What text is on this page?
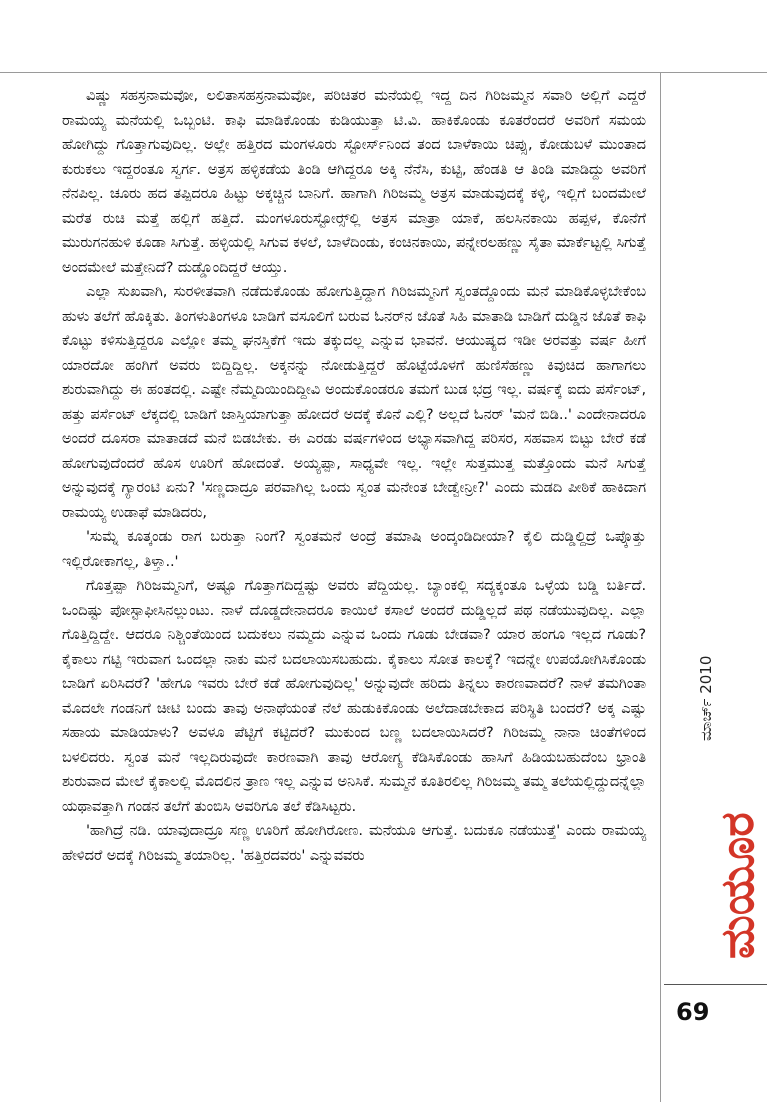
ವಿಷ್ಣು ಸಹಸ್ರನಾಮವೋ, ಲಲಿತಾಸಹಸ್ರನಾಮವೋ, ಪರಿಚಿತರ ಮನೆಯಲ್ಲಿ ಇದ್ದ ದಿನ ಗಿರಿಜಮ್ಮನ ಸವಾರಿ ಅಲ್ಲಿಗೆ ಎದ್ದರೆ ರಾಮಯ್ಯ ಮನೆಯಲ್ಲಿ ಒಬ್ಬಂಟಿ. ಕಾಫಿ ಮಾಡಿಕೊಂಡು ಕುಡಿಯುತ್ತಾ ಟಿ.ವಿ. ಹಾಕಿಕೊಂಡು ಕೂತರೆಂದರೆ ಅವರಿಗೆ ಸಮಯ ಹೋಗಿದ್ದು ಗೊತ್ತಾಗುವುದಿಲ್ಲ. ಅಲ್ಲೇ ಹತ್ತಿರದ ಮಂಗಳೂರು ಸ್ಟೋರ್ಸ್‌ನಿಂದ ತಂದ ಬಾಳೆಕಾಯಿ ಚಿಪ್ಸು, ಕೋಡುಬಳೆ ಮುಂತಾದ ಕುರುಕಲು ಇದ್ದರಂತೂ ಸ್ವರ್ಗ. ಅತ್ರಸ ಹಳ್ಳಿಕಡೆಯ ತಿಂಡಿ ಆಗಿದ್ದರೂ ಅಕ್ಕಿ ನೆನೆಸಿ, ಕುಟ್ಟಿ, ಹೆಂಡತಿ ಆ ತಿಂಡಿ ಮಾಡಿದ್ದು ಅವರಿಗೆ ನೆನಪಿಲ್ಲ. ಚೂರು ಹದ ತಪ್ಪಿದರೂ ಹಿಟ್ಟು ಅಕ್ಕಚ್ಚಿನ ಬಾನಿಗೆ. ಹಾಗಾಗಿ ಗಿರಿಜಮ್ಮ ಅತ್ರಸ ಮಾಡುವುದಕ್ಕೆ ಕಳ್ಳಿ, ಇಲ್ಲಿಗೆ ಬಂದಮೇಲೆ ಮರೆತ ರುಚಿ ಮತ್ತೆ ಹಲ್ಲಿಗೆ ಹತ್ತಿದೆ. ಮಂಗಳೂರುಸ್ಟೋರ್‍ಸ್‌ಲ್ಲಿ ಅತ್ರಸ ಮಾತ್ರಾ ಯಾಕೆ, ಹಲಸಿನಕಾಯಿ ಹಪ್ಪಳ, ಕೊನೆಗೆ ಮುರುಗನಹುಳಿ ಕೂಡಾ ಸಿಗುತ್ತೆ. ಹಳ್ಳಿಯಲ್ಲಿ ಸಿಗುವ ಕಳಲೆ, ಬಾಳೆದಿಂಡು, ಕಂಚಿನಕಾಯಿ, ಪನ್ನೇರಲಹಣ್ಣು ಸೈತಾ ಮಾರ್ಕೆಟ್ಟಲ್ಲಿ ಸಿಗುತ್ತೆ ಅಂದಮೇಲೆ ಮತ್ತೇನಿದೆ? ದುಡ್ಡೊಂದಿದ್ದರೆ ಆಯ್ತು.

ಎಲ್ಲಾ ಸುಖವಾಗಿ, ಸುರಳೀತವಾಗಿ ನಡೆದುಕೊಂಡು ಹೋಗುತ್ತಿದ್ದಾಗ ಗಿರಿಜಮ್ಮನಿಗೆ ಸ್ವಂತದ್ದೊಂದು ಮನೆ ಮಾಡಿಕೊಳ್ಳಬೇಕೆಂಬ ಹುಳು ತಲೆಗೆ ಹೊಕ್ಕಿತು. ತಿಂಗಳುತಿಂಗಳೂ ಬಾಡಿಗೆ ವಸೂಲಿಗೆ ಬರುವ ಓನರ್‌ನ ಜೊತೆ ಸಿಹಿ ಮಾತಾಡಿ ಬಾಡಿಗೆ ದುಡ್ಡಿನ ಜೊತೆ ಕಾಫಿ ಕೊಟ್ಟು ಕಳಿಸುತ್ತಿದ್ದರೂ ಎಲ್ಲೋ ತಮ್ಮ ಘನಸ್ತಿಕೆಗೆ ಇದು ತಕ್ಕುದಲ್ಲ ಎನ್ನುವ ಭಾವನೆ. ಆಯುಷ್ಯದ ಇಡೀ ಅರವತ್ತು ವರ್ಷ ಹೀಗೆ ಯಾರದೋ ಹಂಗಿಗೆ ಅವರು ಬಿದ್ದಿದ್ದಿಲ್ಲ. ಅಕ್ಕನನ್ನು ನೋಡುತ್ತಿದ್ದರೆ ಹೊಟ್ಟೆಯೊಳಗೆ ಹುಣಿಸೆಹಣ್ಣು ಕಿವುಚಿದ ಹಾಗಾಗಲು ಶುರುವಾಗಿದ್ದು ಈ ಹಂತದಲ್ಲಿ. ಎಷ್ಟೇ ನೆಮ್ಮದಿಯಿಂದಿದ್ದೀವಿ ಅಂದುಕೊಂಡರೂ ತಮಗೆ ಬುಡ ಭದ್ರ ಇಲ್ಲ. ವರ್ಷಕ್ಕೆ ಐದು ಪರ್ಸೆಂಟ್, ಹತ್ತು ಪರ್ಸೆಂಟ್ ಲೆಕ್ಕದಲ್ಲಿ ಬಾಡಿಗೆ ಜಾಸ್ತಿಯಾಗುತ್ತಾ ಹೋದರೆ ಅದಕ್ಕೆ ಕೊನೆ ಎಲ್ಲಿ? ಅಲ್ಲದೆ ಓನರ್ 'ಮನೆ ಬಿಡಿ..' ಎಂದೇನಾದರೂ ಅಂದರೆ ದೂಸರಾ ಮಾತಾಡದೆ ಮನೆ ಬಿಡಬೇಕು. ಈ ಎರಡು ವರ್ಷಗಳಿಂದ ಅಭ್ಯಾಸವಾಗಿದ್ದ ಪರಿಸರ, ಸಹವಾಸ ಬಿಟ್ಟು ಬೇರೆ ಕಡೆ ಹೋಗುವುದೆಂದರೆ ಹೊಸ ಊರಿಗೆ ಹೋದಂತೆ. ಅಯ್ಯಪ್ಪಾ, ಸಾಧ್ಯವೇ ಇಲ್ಲ. ಇಲ್ಲೇ ಸುತ್ತಮುತ್ತ ಮತ್ತೊಂದು ಮನೆ ಸಿಗುತ್ತೆ ಅನ್ನುವುದಕ್ಕೆ ಗ್ಯಾರಂಟಿ ಏನು? 'ಸಣ್ಣದಾದ್ರೂ ಪರವಾಗಿಲ್ಲ ಒಂದು ಸ್ವಂತ ಮನೇಂತ ಬೇಡ್ವೇನ್ರೀ?' ಎಂದು ಮಡದಿ ಪೀಠಿಕೆ ಹಾಕಿದಾಗ ರಾಮಯ್ಯ ಉಡಾಫೆ ಮಾಡಿದರು,

'ಸುಮ್ನೆ ಕೂತ್ಕಂಡು ರಾಗ ಬರುತ್ತಾ ನಿಂಗೆ? ಸ್ವಂತಮನೆ ಅಂದ್ರೆ ತಮಾಷಿ ಅಂದ್ಕಂಡಿದೀಯಾ? ಕೈಲಿ ದುಡ್ಡಿಲ್ದಿದ್ರೆ ಒಪ್ಕೊತ್ತು ಇಲ್ಲಿರೋಕಾಗಲ್ಲ, ತಿಳ್ತಾ..'

ಗೊತ್ತಪ್ಪಾ ಗಿರಿಜಮ್ಮನಿಗೆ, ಅಷ್ಟೂ ಗೊತ್ತಾಗದಿದ್ದಷ್ಟು ಅವರು ಪೆದ್ದಿಯಲ್ಲ. ಬ್ಯಾಂಕಲ್ಲಿ ಸದ್ಯಕ್ಕಂತೂ ಒಳ್ಳೆಯ ಬಡ್ಡಿ ಬರ್ತಿದೆ. ಒಂದಿಷ್ಟು ಪೋಸ್ಟಾಫೀಸಿನಲ್ಲುಂಟು. ನಾಳೆ ದೊಡ್ಡದೇನಾದರೂ ಕಾಯಿಲೆ ಕಸಾಲೆ ಅಂದರೆ ದುಡ್ಡಿಲ್ಲದೆ ಪಥ ನಡೆಯುವುದಿಲ್ಲ. ಎಲ್ಲಾ ಗೊತ್ತಿದ್ದಿದ್ದೇ. ಆದರೂ ನಿಶ್ಚಿಂತೆಯಿಂದ ಬದುಕಲು ನಮ್ಮದು ಎನ್ನುವ ಒಂದು ಗೂಡು ಬೇಡವಾ? ಯಾರ ಹಂಗೂ ಇಲ್ಲದ ಗೂಡು? ಕೈಕಾಲು ಗಟ್ಟಿ ಇರುವಾಗ ಒಂದಲ್ಲಾ ನಾಕು ಮನೆ ಬದಲಾಯಿಸಬಹುದು. ಕೈಕಾಲು ಸೋತ ಕಾಲಕ್ಕೆ? ಇದನ್ನೇ ಉಪಯೋಗಿಸಿಕೊಂಡು ಬಾಡಿಗೆ ಏರಿಸಿದರೆ? 'ಹೇಗೂ ಇವರು ಬೇರೆ ಕಡೆ ಹೋಗುವುದಿಲ್ಲ' ಅನ್ನುವುದೇ ಹರಿದು ತಿನ್ನಲು ಕಾರಣವಾದರೆ? ನಾಳೆ ತಮಗಿಂತಾ ಮೊದಲೇ ಗಂಡನಿಗೆ ಚೀಟಿ ಬಂದು ತಾವು ಅನಾಥೆಯಂತೆ ನೆಲೆ ಹುಡುಕಿಕೊಂಡು ಅಲೆದಾಡಬೇಕಾದ ಪರಿಸ್ಥಿತಿ ಬಂದರೆ? ಅಕ್ಕ ಎಷ್ಟು ಸಹಾಯ ಮಾಡಿಯಾಳು? ಅವಳೂ ಪೆಟ್ಟಿಗೆ ಕಟ್ಟಿದರೆ? ಮುಕುಂದ ಬಣ್ಣ ಬದಲಾಯಿಸಿದರೆ? ಗಿರಿಜಮ್ಮ ನಾನಾ ಚಿಂತೆಗಳಿಂದ ಬಳಲಿದರು. ಸ್ವಂತ ಮನೆ ಇಲ್ಲದಿರುವುದೇ ಕಾರಣವಾಗಿ ತಾವು ಆರೋಗ್ಯ ಕೆಡಿಸಿಕೊಂಡು ಹಾಸಿಗೆ ಹಿಡಿಯಬಹುದೆಂಬ ಭ್ರಾಂತಿ ಶುರುವಾದ ಮೇಲೆ ಕೈಕಾಲಲ್ಲಿ ಮೊದಲಿನ ತ್ರಾಣ ಇಲ್ಲ ಎನ್ನುವ ಅನಿಸಿಕೆ. ಸುಮ್ಮನೆ ಕೂತಿರಲಿಲ್ಲ ಗಿರಿಜಮ್ಮ ತಮ್ಮ ತಲೆಯಲ್ಲಿದ್ದುದನ್ನೆಲ್ಲಾ ಯಥಾವತ್ತಾಗಿ ಗಂಡನ ತಲೆಗೆ ತುಂಬಿಸಿ ಅವರಿಗೂ ತಲೆ ಕೆಡಿಸಿಟ್ಟರು.

'ಹಾಗಿದ್ರೆ ನಡಿ. ಯಾವುದಾದ್ರೂ ಸಣ್ಣ ಊರಿಗೆ ಹೋಗಿರೋಣ. ಮನೆಯೂ ಆಗುತ್ತೆ. ಬದುಕೂ ನಡೆಯುತ್ತೆ' ಎಂದು ರಾಮಯ್ಯ ಹೇಳಿದರೆ ಅದಕ್ಕೆ ಗಿರಿಜಮ್ಮ ತಯಾರಿಲ್ಲ. 'ಹತ್ತಿರದವರು' ಎನ್ನುವವರು

ಮಾರ್ಚ್ 2010
ಮಯೂರ
69
